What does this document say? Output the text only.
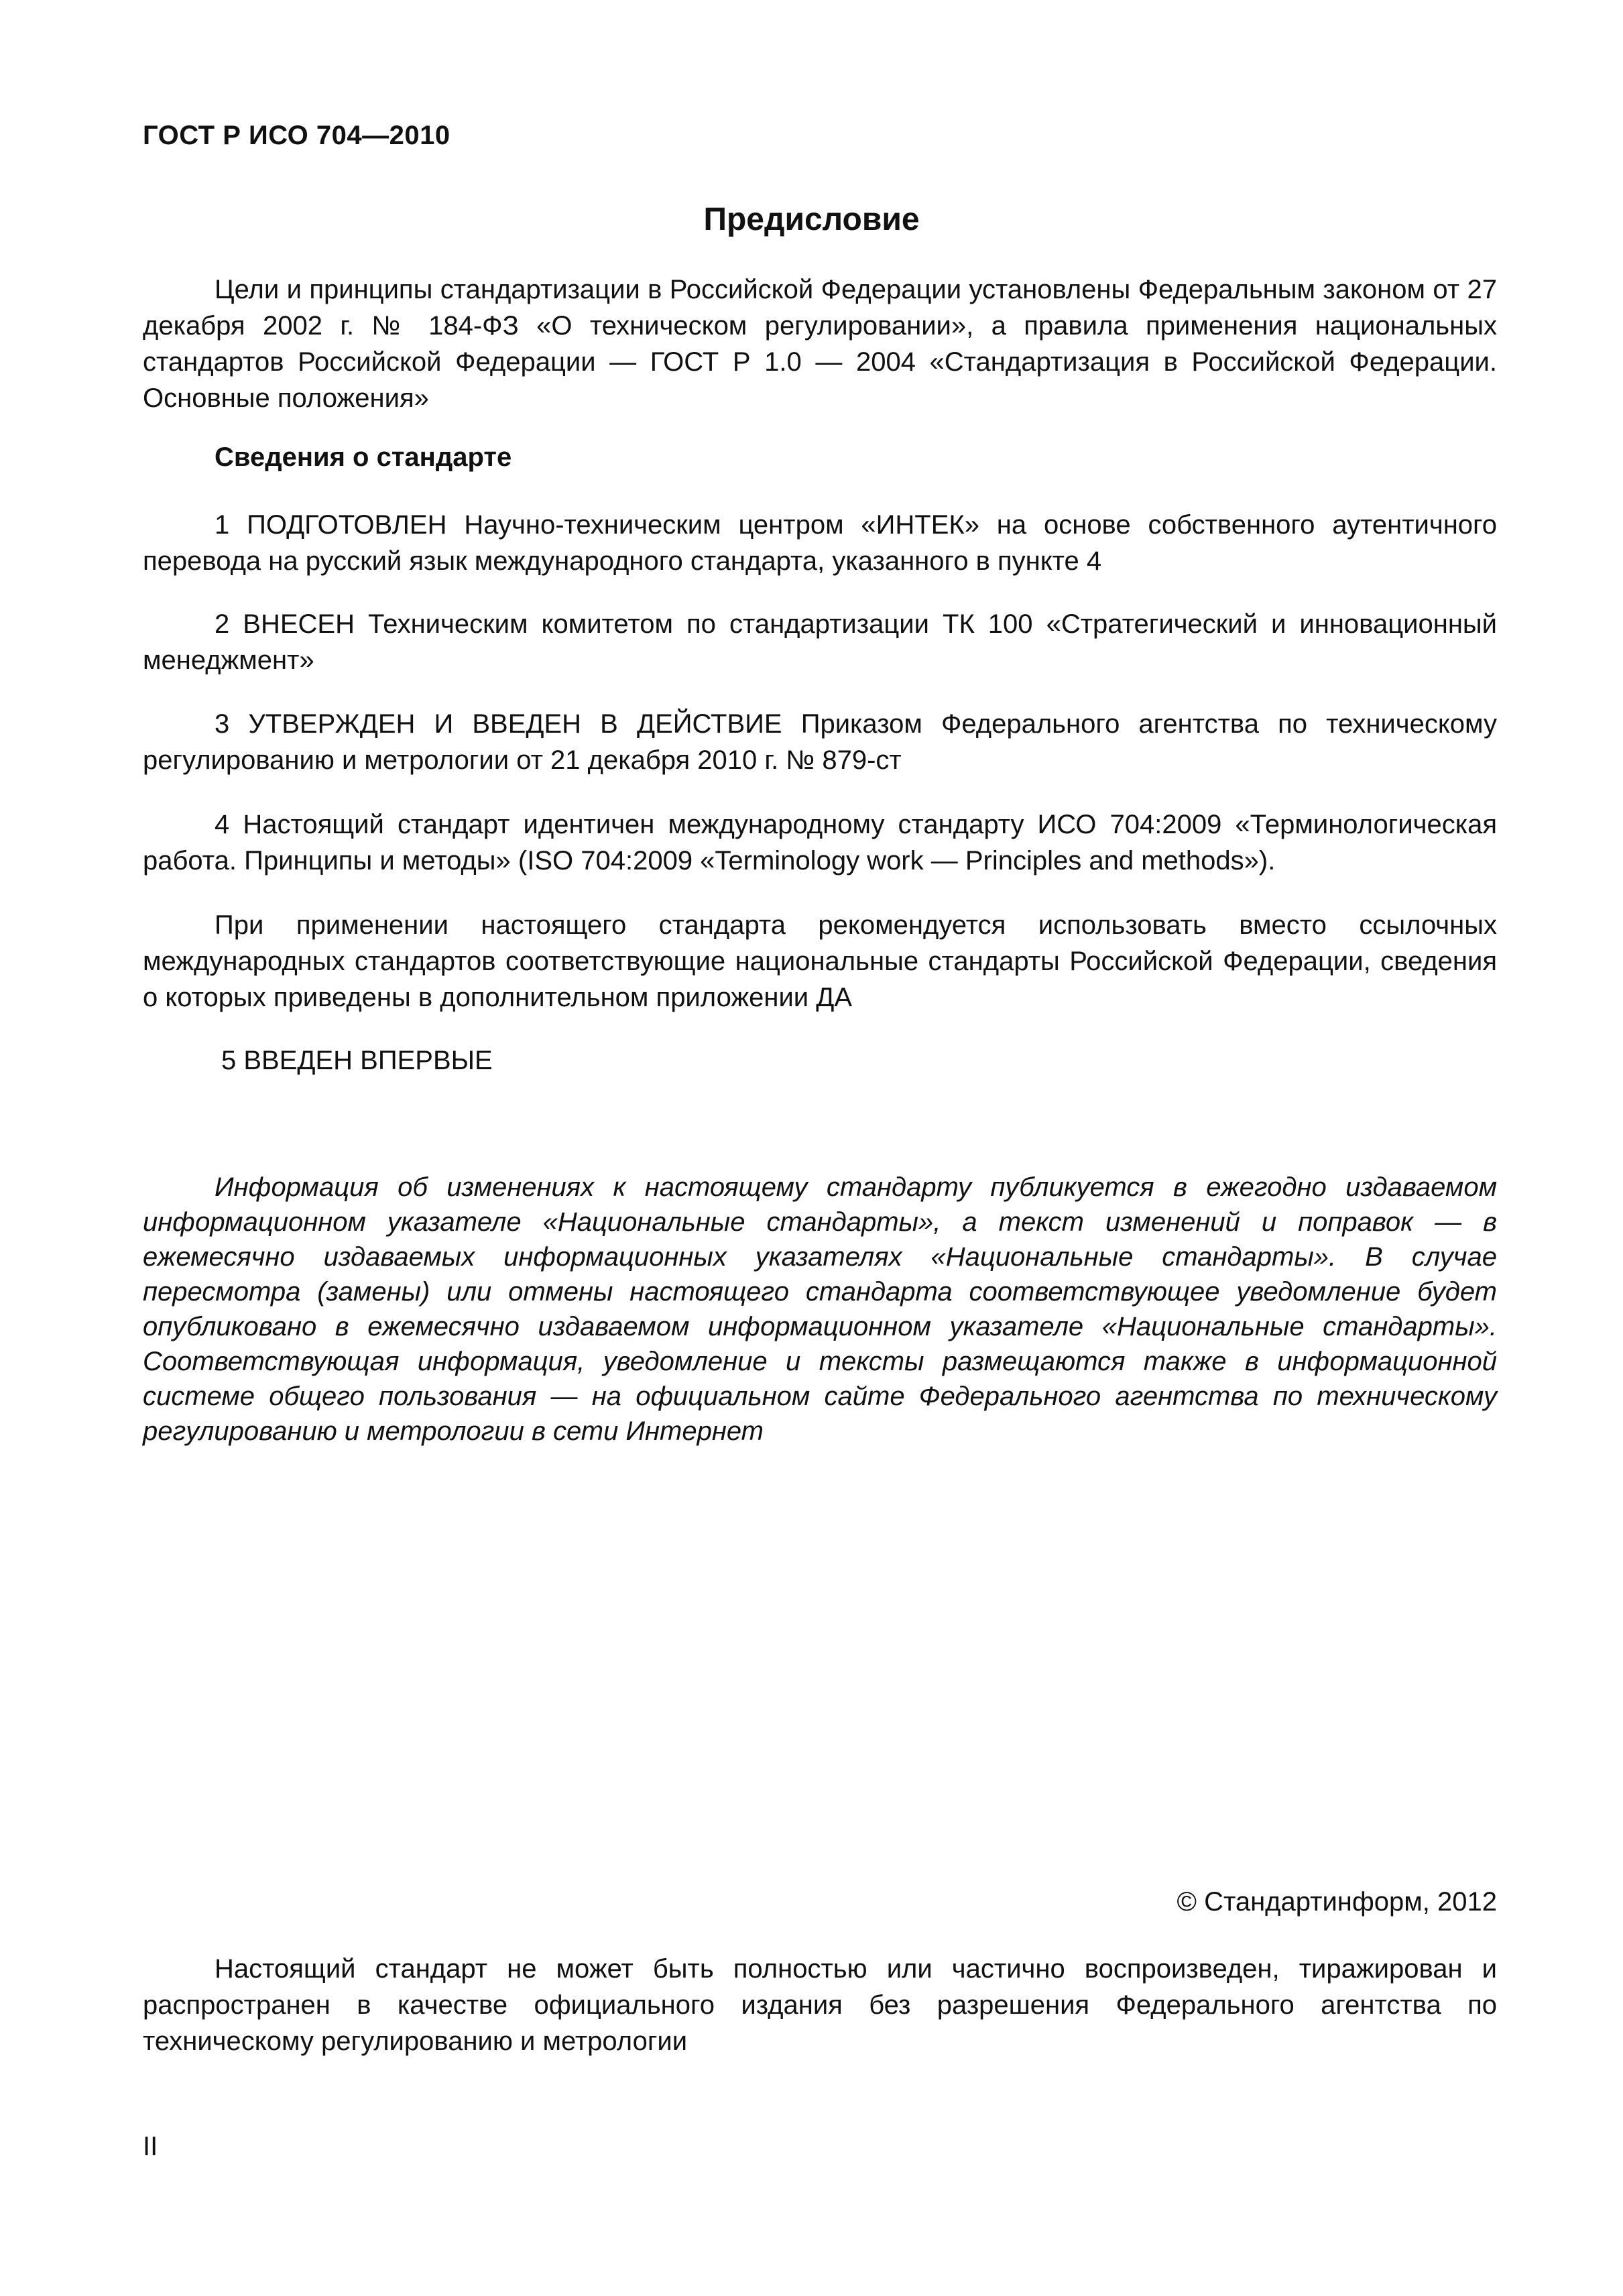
ГОСТ Р ИСО 704—2010

Предисловие

Цели и принципы стандартизации в Российской Федерации установлены Федеральным законом от 27 декабря 2002 г. № 184-ФЗ «О техническом регулировании», а правила применения национальных стандартов Российской Федерации — ГОСТ Р 1.0 — 2004 «Стандартизация в Российской Федерации. Основные положения»

Сведения о стандарте

1 ПОДГОТОВЛЕН Научно-техническим центром «ИНТЕК» на основе собственного аутентичного перевода на русский язык международного стандарта, указанного в пункте 4

2 ВНЕСЕН Техническим комитетом по стандартизации ТК 100 «Стратегический и инновационный менеджмент»

3 УТВЕРЖДЕН И ВВЕДЕН В ДЕЙСТВИЕ Приказом Федерального агентства по техническому регулированию и метрологии от 21 декабря 2010 г. № 879-ст

4 Настоящий стандарт идентичен международному стандарту ИСО 704:2009 «Терминологическая работа. Принципы и методы» (ISO 704:2009 «Terminology work — Principles and methods»).

При применении настоящего стандарта рекомендуется использовать вместо ссылочных международных стандартов соответствующие национальные стандарты Российской Федерации, сведения о которых приведены в дополнительном приложении ДА

5 ВВЕДЕН ВПЕРВЫЕ

Информация об изменениях к настоящему стандарту публикуется в ежегодно издаваемом информационном указателе «Национальные стандарты», а текст изменений и поправок — в ежемесячно издаваемых информационных указателях «Национальные стандарты». В случае пересмотра (замены) или отмены настоящего стандарта соответствующее уведомление будет опубликовано в ежемесячно издаваемом информационном указателе «Национальные стандарты». Соответствующая информация, уведомление и тексты размещаются также в информационной системе общего пользования — на официальном сайте Федерального агентства по техническому регулированию и метрологии в сети Интернет

© Стандартинформ, 2012

Настоящий стандарт не может быть полностью или частично воспроизведен, тиражирован и распространен в качестве официального издания без разрешения Федерального агентства по техническому регулированию и метрологии

II
